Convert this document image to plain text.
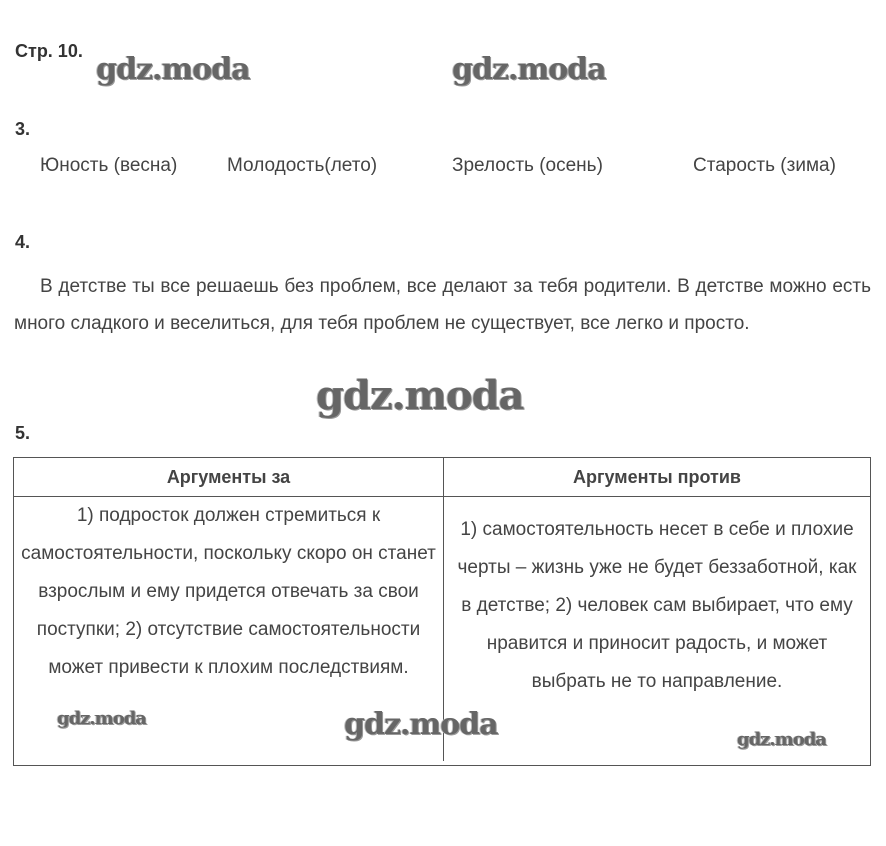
Стр. 10.
gdz.moda	gdz.moda
3.
Юность (весна)	Молодость(лето)	Зрелость (осень)	Старость (зима)
4.

В детстве ты все решаешь без проблем, все делают за тебя родители. В детстве можно есть много сладкого и веселиться, для тебя проблем не существует, все легко и просто.

gdz.moda
5.
Аргументы за	Аргументы против

1) подросток должен стремиться к самостоятельности, поскольку скоро он станет взрослым и ему придется отвечать за свои поступки; 2) отсутствие самостоятельности может привести к плохим последствиям.	1) самостоятельность несет в себе и плохие черты – жизнь уже не будет беззаботной, как в детстве; 2) человек сам выбирает, что ему нравится и приносит радость, и может выбрать не то направление.
gdz.moda	gdz.moda	gdz.moda
